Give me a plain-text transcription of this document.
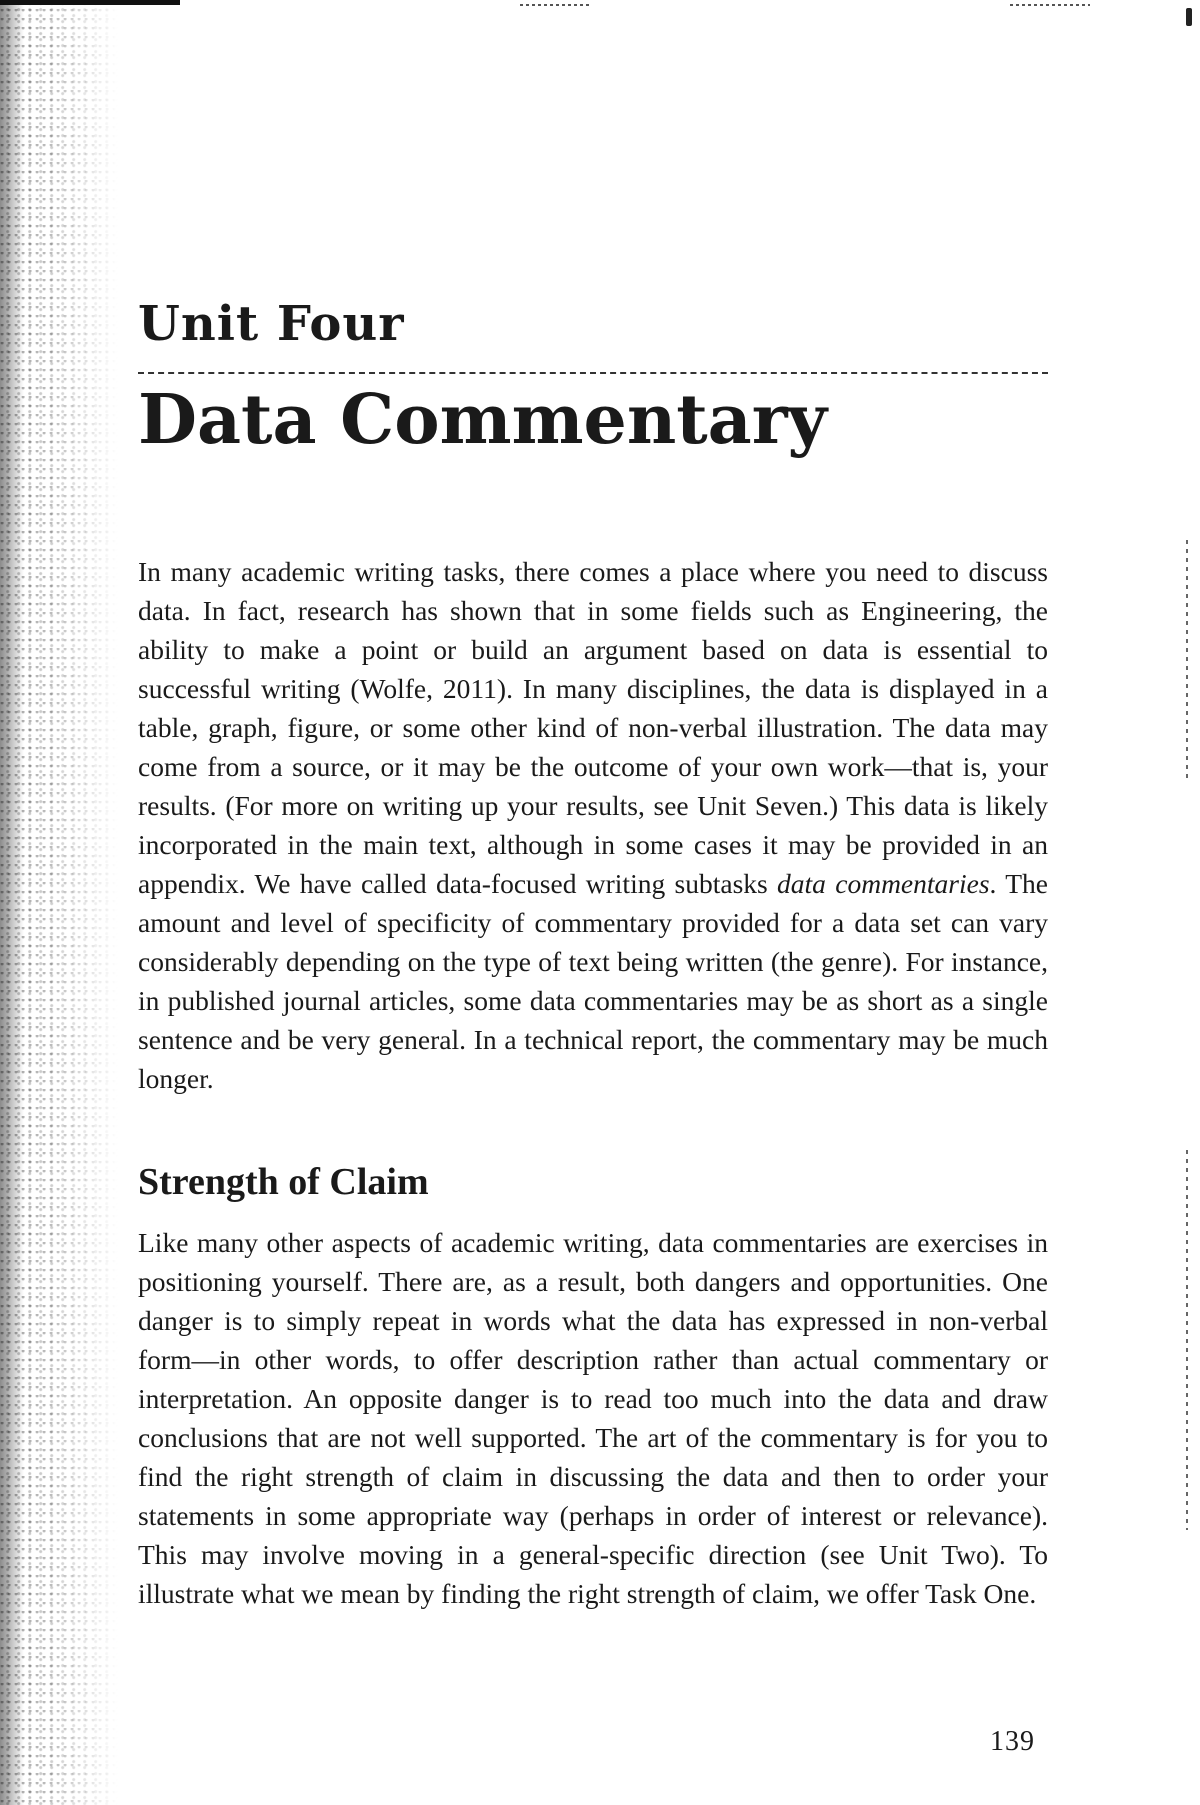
Unit Four
Data Commentary

In many academic writing tasks, there comes a place where you need to discuss data. In fact, research has shown that in some fields such as Engineering, the ability to make a point or build an argument based on data is essential to successful writing (Wolfe, 2011). In many disciplines, the data is displayed in a table, graph, figure, or some other kind of non-verbal illustration. The data may come from a source, or it may be the outcome of your own work—that is, your results. (For more on writing up your results, see Unit Seven.) This data is likely incorporated in the main text, although in some cases it may be provided in an appendix. We have called data-focused writing subtasks data commentaries. The amount and level of specificity of commentary provided for a data set can vary considerably depending on the type of text being written (the genre). For instance, in published journal articles, some data commentaries may be as short as a single sentence and be very general. In a technical report, the commentary may be much longer.

Strength of Claim

Like many other aspects of academic writing, data commentaries are exercises in positioning yourself. There are, as a result, both dangers and opportunities. One danger is to simply repeat in words what the data has expressed in non-verbal form—in other words, to offer description rather than actual commentary or interpretation. An opposite danger is to read too much into the data and draw conclusions that are not well supported. The art of the commentary is for you to find the right strength of claim in discussing the data and then to order your statements in some appropriate way (perhaps in order of interest or relevance). This may involve moving in a general-specific direction (see Unit Two). To illustrate what we mean by finding the right strength of claim, we offer Task One.

139
